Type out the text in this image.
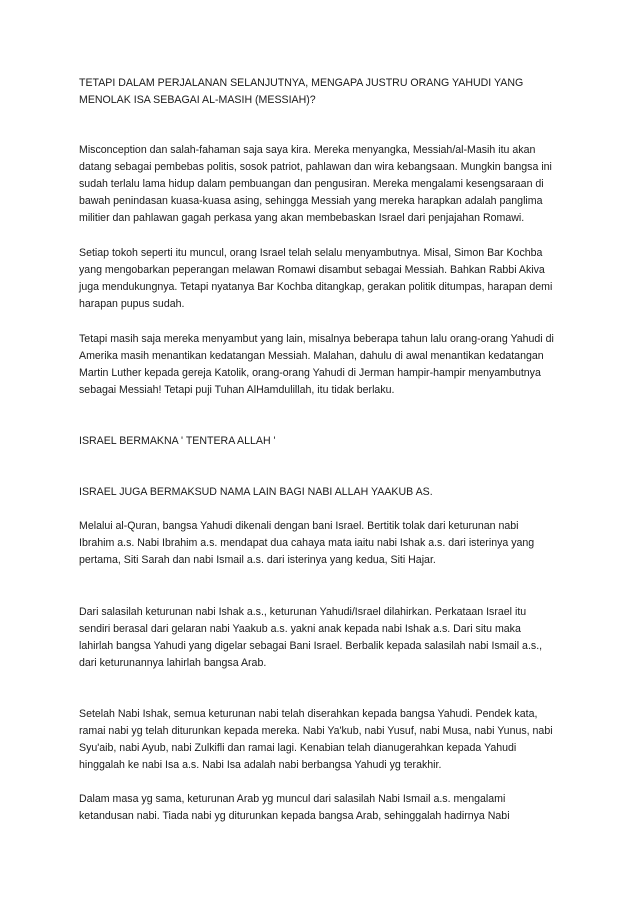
TETAPI DALAM PERJALANAN SELANJUTNYA, MENGAPA JUSTRU ORANG YAHUDI YANG
MENOLAK ISA SEBAGAI AL-MASIH (MESSIAH)?

Misconception dan salah-fahaman saja saya kira. Mereka menyangka, Messiah/al-Masih itu akan
datang sebagai pembebas politis, sosok patriot, pahlawan dan wira kebangsaan. Mungkin bangsa ini
sudah terlalu lama hidup dalam pembuangan dan pengusiran. Mereka mengalami kesengsaraan di
bawah penindasan kuasa-kuasa asing, sehingga Messiah yang mereka harapkan adalah panglima
militier dan pahlawan gagah perkasa yang akan membebaskan Israel dari penjajahan Romawi.

Setiap tokoh seperti itu muncul, orang Israel telah selalu menyambutnya. Misal, Simon Bar Kochba
yang mengobarkan peperangan melawan Romawi disambut sebagai Messiah. Bahkan Rabbi Akiva
juga mendukungnya. Tetapi nyatanya Bar Kochba ditangkap, gerakan politik ditumpas, harapan demi
harapan pupus sudah.

Tetapi masih saja mereka menyambut yang lain, misalnya beberapa tahun lalu orang-orang Yahudi di
Amerika masih menantikan kedatangan Messiah. Malahan, dahulu di awal menantikan kedatangan
Martin Luther kepada gereja Katolik, orang-orang Yahudi di Jerman hampir-hampir menyambutnya
sebagai Messiah! Tetapi puji Tuhan AlHamdulillah, itu tidak berlaku.

ISRAEL BERMAKNA ' TENTERA ALLAH '

ISRAEL JUGA BERMAKSUD NAMA LAIN BAGI NABI ALLAH YAAKUB AS.

Melalui al-Quran, bangsa Yahudi dikenali dengan bani Israel. Bertitik tolak dari keturunan nabi
Ibrahim a.s. Nabi Ibrahim a.s. mendapat dua cahaya mata iaitu nabi Ishak a.s. dari isterinya yang
pertama, Siti Sarah dan nabi Ismail a.s. dari isterinya yang kedua, Siti Hajar.

Dari salasilah keturunan nabi Ishak a.s., keturunan Yahudi/Israel dilahirkan. Perkataan Israel itu
sendiri berasal dari gelaran nabi Yaakub a.s. yakni anak kepada nabi Ishak a.s. Dari situ maka
lahirlah bangsa Yahudi yang digelar sebagai Bani Israel. Berbalik kepada salasilah nabi Ismail a.s.,
dari keturunannya lahirlah bangsa Arab.

Setelah Nabi Ishak, semua keturunan nabi telah diserahkan kepada bangsa Yahudi. Pendek kata,
ramai nabi yg telah diturunkan kepada mereka. Nabi Ya'kub, nabi Yusuf, nabi Musa, nabi Yunus, nabi
Syu'aib, nabi Ayub, nabi Zulkifli dan ramai lagi. Kenabian telah dianugerahkan kepada Yahudi
hinggalah ke nabi Isa a.s. Nabi Isa adalah nabi berbangsa Yahudi yg terakhir.

Dalam masa yg sama, keturunan Arab yg muncul dari salasilah Nabi Ismail a.s. mengalami
ketandusan nabi. Tiada nabi yg diturunkan kepada bangsa Arab, sehinggalah hadirnya Nabi
